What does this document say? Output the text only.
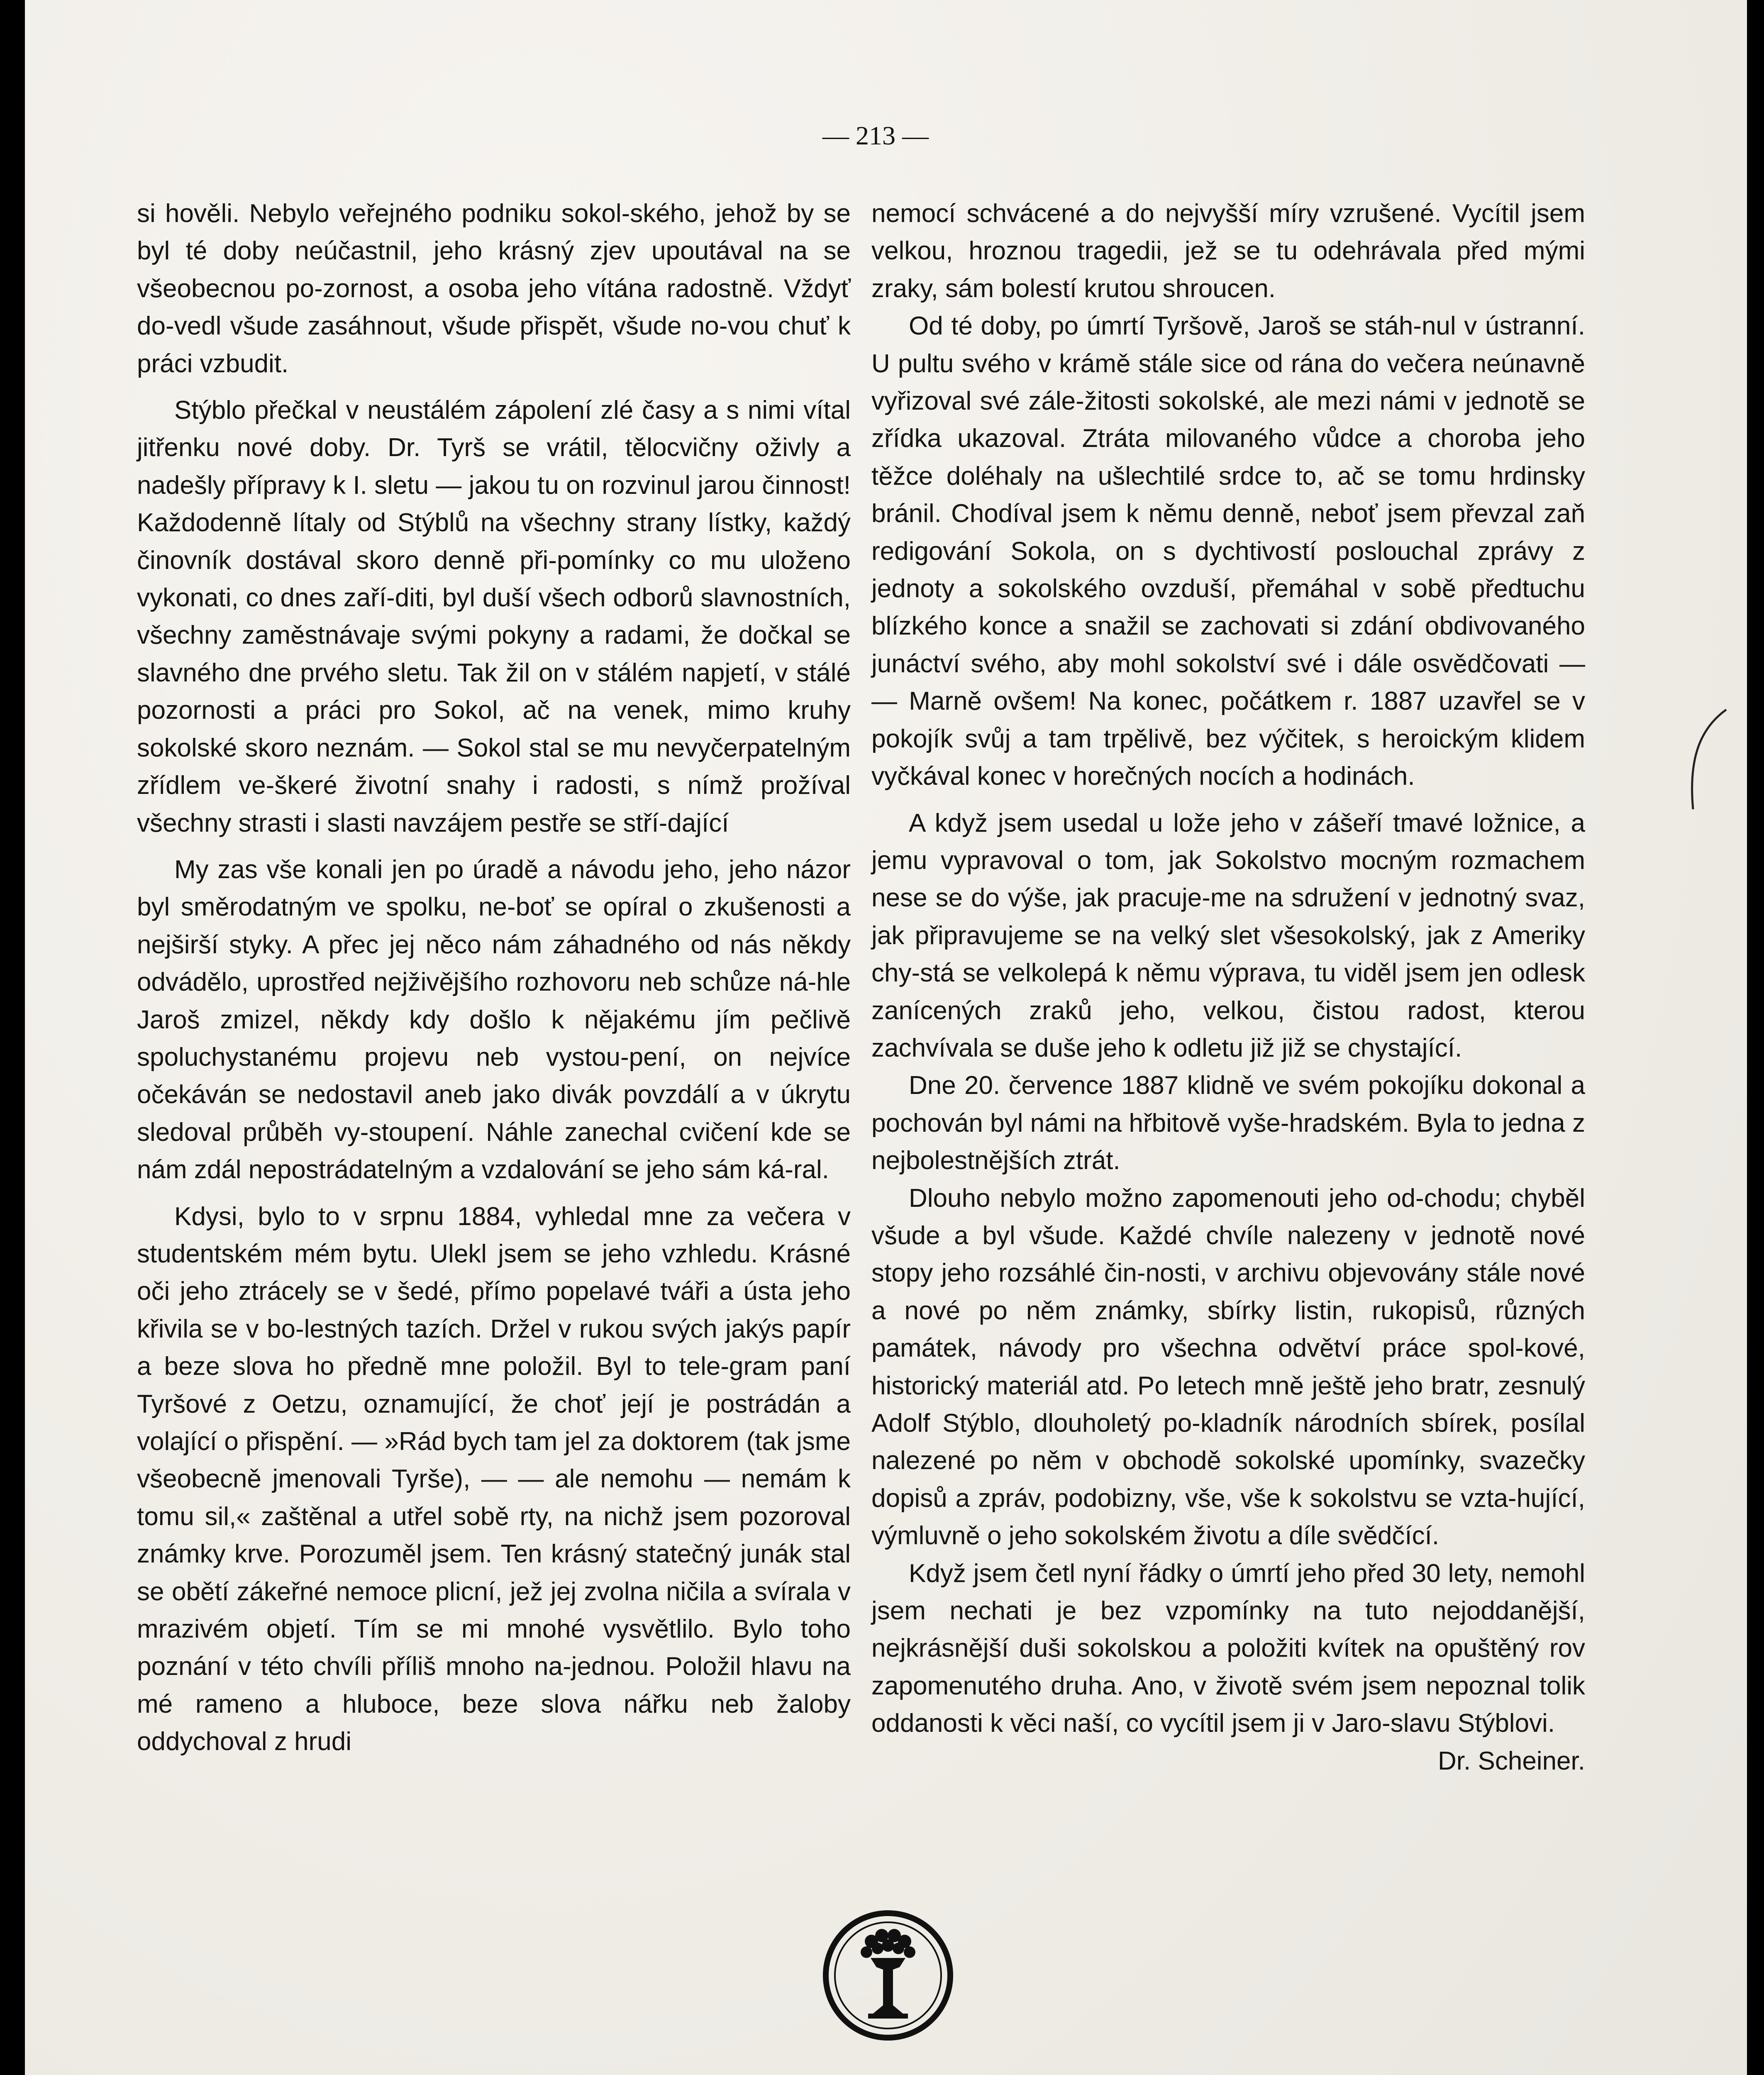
— 213 —

si hověli. Nebylo veřejného podniku sokol-ského, jehož by se byl té doby neúčastnil, jeho krásný zjev upoutával na se všeobecnou po-zornost, a osoba jeho vítána radostně. Vždyť do-vedl všude zasáhnout, všude přispět, všude no-vou chuť k práci vzbudit.

Stýblo přečkal v neustálém zápolení zlé časy a s nimi vítal jitřenku nové doby. Dr. Tyrš se vrátil, tělocvičny oživly a nadešly přípravy k I. sletu — jakou tu on rozvinul jarou činnost! Každodenně lítaly od Stýblů na všechny strany lístky, každý činovník dostával skoro denně při-pomínky co mu uloženo vykonati, co dnes zaří-diti, byl duší všech odborů slavnostních, všechny zaměstnávaje svými pokyny a radami, že dočkal se slavného dne prvého sletu. Tak žil on v stálém napjetí, v stálé pozornosti a práci pro Sokol, ač na venek, mimo kruhy sokolské skoro neznám. — Sokol stal se mu nevyčerpatelným zřídlem ve-škeré životní snahy i radosti, s nímž prožíval všechny strasti i slasti navzájem pestře se stří-dající

My zas vše konali jen po úradě a návodu jeho, jeho názor byl směrodatným ve spolku, ne-boť se opíral o zkušenosti a nejširší styky. A přec jej něco nám záhadného od nás někdy odvádělo, uprostřed nejživějšího rozhovoru neb schůze ná-hle Jaroš zmizel, někdy kdy došlo k nějakému jím pečlivě spoluchystanému projevu neb vystou-pení, on nejvíce očekáván se nedostavil aneb jako divák povzdálí a v úkrytu sledoval průběh vy-stoupení. Náhle zanechal cvičení kde se nám zdál nepostrádatelným a vzdalování se jeho sám ká-ral.

Kdysi, bylo to v srpnu 1884, vyhledal mne za večera v studentském mém bytu. Ulekl jsem se jeho vzhledu. Krásné oči jeho ztrácely se v šedé, přímo popelavé tváři a ústa jeho křivila se v bo-lestných tazích. Držel v rukou svých jakýs papír a beze slova ho předně mne položil. Byl to tele-gram paní Tyršové z Oetzu, oznamující, že choť její je postrádán a volající o přispění. — »Rád bych tam jel za doktorem (tak jsme všeobecně jmenovali Tyrše), — — ale nemohu — nemám k tomu sil,« zaštěnal a utřel sobě rty, na nichž jsem pozoroval známky krve. Porozuměl jsem. Ten krásný statečný junák stal se obětí zákeřné nemoce plicní, jež jej zvolna ničila a svírala v mrazivém objetí. Tím se mi mnohé vysvětlilo. Bylo toho poznání v této chvíli příliš mnoho na-jednou. Položil hlavu na mé rameno a hluboce, beze slova nářku neb žaloby oddychoval z hrudi

nemocí schvácené a do nejvyšší míry vzrušené. Vycítil jsem velkou, hroznou tragedii, jež se tu odehrávala před mými zraky, sám bolestí krutou shroucen.

Od té doby, po úmrtí Tyršově, Jaroš se stáh-nul v ústranní. U pultu svého v krámě stále sice od rána do večera neúnavně vyřizoval své zále-žitosti sokolské, ale mezi námi v jednotě se zřídka ukazoval. Ztráta milovaného vůdce a choroba jeho těžce doléhaly na ušlechtilé srdce to, ač se tomu hrdinsky bránil. Chodíval jsem k němu denně, neboť jsem převzal zaň redigování Sokola, on s dychtivostí poslouchal zprávy z jednoty a sokolského ovzduší, přemáhal v sobě předtuchu blízkého konce a snažil se zachovati si zdání obdivovaného junáctví svého, aby mohl sokolství své i dále osvědčovati — — Marně ovšem! Na konec, počátkem r. 1887 uzavřel se v pokojík svůj a tam trpělivě, bez výčitek, s heroickým klidem vyčkával konec v horečných nocích a hodinách.

A když jsem usedal u lože jeho v zášeří tmavé ložnice, a jemu vypravoval o tom, jak Sokolstvo mocným rozmachem nese se do výše, jak pracuje-me na sdružení v jednotný svaz, jak připravujeme se na velký slet všesokolský, jak z Ameriky chy-stá se velkolepá k němu výprava, tu viděl jsem jen odlesk zanícených zraků jeho, velkou, čistou radost, kterou zachvívala se duše jeho k odletu již již se chystající.

Dne 20. července 1887 klidně ve svém pokojíku dokonal a pochován byl námi na hřbitově vyše-hradském. Byla to jedna z nejbolestnějších ztrát.

Dlouho nebylo možno zapomenouti jeho od-chodu; chyběl všude a byl všude. Každé chvíle nalezeny v jednotě nové stopy jeho rozsáhlé čin-nosti, v archivu objevovány stále nové a nové po něm známky, sbírky listin, rukopisů, různých památek, návody pro všechna odvětví práce spol-kové, historický materiál atd. Po letech mně ještě jeho bratr, zesnulý Adolf Stýblo, dlouholetý po-kladník národních sbírek, posílal nalezené po něm v obchodě sokolské upomínky, svazečky dopisů a zpráv, podobizny, vše, vše k sokolstvu se vzta-hující, výmluvně o jeho sokolském životu a díle svědčící.

Když jsem četl nyní řádky o úmrtí jeho před 30 lety, nemohl jsem nechati je bez vzpomínky na tuto nejoddanější, nejkrásnější duši sokolskou a položiti kvítek na opuštěný rov zapomenutého druha. Ano, v životě svém jsem nepoznal tolik oddanosti k věci naší, co vycítil jsem ji v Jaro-slavu Stýblovi.

Dr. Scheiner.
